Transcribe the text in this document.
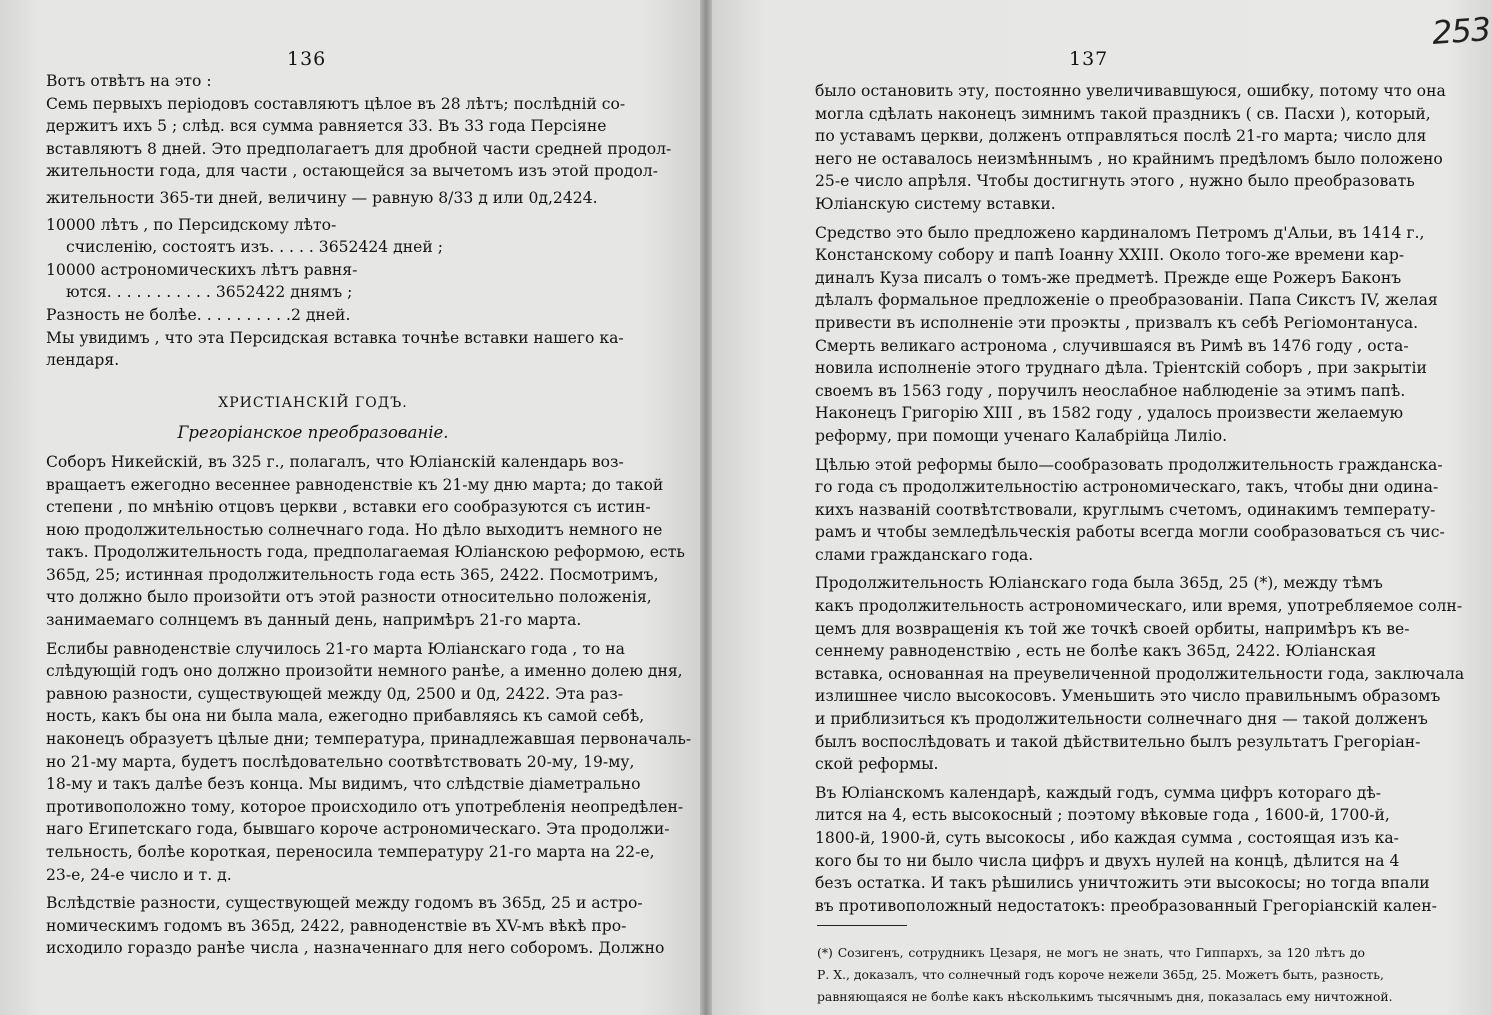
136
Вотъ отвѣтъ на это :
Семь первыхъ періодовъ составляютъ цѣлое въ 28 лѣтъ; послѣдній со-
держитъ ихъ 5 ; слѣд. вся сумма равняется 33. Въ 33 года Персіяне
вставляютъ 8 дней. Это предполагаетъ для дробной части средней продол-
жительности года, для части , остающейся за вычетомъ изъ этой продол-
жительности 365-ти дней, величину — равную 8/33 д или 0д,2424.
10000 лѣтъ , по Персидскому лѣто-
счисленію, состоятъ изъ. . . . . 3652424 дней ;
10000 астрономическихъ лѣтъ равня-
ются. . . . . . . . . . . 3652422 днямъ ;
Разность не болѣе. . . . . . . . . .2 дней.
Мы увидимъ , что эта Персидская вставка точнѣе вставки нашего ка-
лендаря.
ХРИСТІАНСКІЙ ГОДЪ.
Грегоріанское преобразованіе.
Соборъ Никейскій, въ 325 г., полагалъ, что Юліанскій календарь воз-
вращаетъ ежегодно весеннее равноденствіе къ 21-му дню марта; до такой
степени , по мнѣнію отцовъ церкви , вставки его сообразуются съ истин-
ною продолжительностью солнечнаго года. Но дѣло выходитъ немного не
такъ. Продолжительность года, предполагаемая Юліанскою реформою, есть
365д, 25; истинная продолжительность года есть 365, 2422. Посмотримъ,
что должно было произойти отъ этой разности относительно положенія,
занимаемаго солнцемъ въ данный день, напримѣръ 21-го марта.
Еслибы равноденствіе случилось 21-го марта Юліанскаго года , то на
слѣдующій годъ оно должно произойти немного ранѣе, а именно долею дня,
равною разности, существующей между 0д, 2500 и 0д, 2422. Эта раз-
ность, какъ бы она ни была мала, ежегодно прибавляясь къ самой себѣ,
наконецъ образуетъ цѣлые дни; температура, принадлежавшая первоначаль-
но 21-му марта, будетъ послѣдовательно соотвѣтствовать 20-му, 19-му,
18-му и такъ далѣе безъ конца. Мы видимъ, что слѣдствіе діаметрально
противоположно тому, которое происходило отъ употребленія неопредѣлен-
наго Египетскаго года, бывшаго короче астрономическаго. Эта продолжи-
тельность, болѣе короткая, переносила температуру 21-го марта на 22-е,
23-е, 24-е число и т. д.
Вслѣдствіе разности, существующей между годомъ въ 365д, 25 и астро-
номическимъ годомъ въ 365д, 2422, равноденствіе въ XV-мъ вѣкѣ про-
исходило гораздо ранѣе числа , назначеннаго для него соборомъ. Должно
137
253
было остановить эту, постоянно увеличивавшуюся, ошибку, потому что она
могла сдѣлать наконецъ зимнимъ такой праздникъ ( св. Пасхи ), который,
по уставамъ церкви, долженъ отправляться послѣ 21-го марта; число для
него не оставалось неизмѣннымъ , но крайнимъ предѣломъ было положено
25-е число апрѣля. Чтобы достигнуть этого , нужно было преобразовать
Юліанскую систему вставки.
Средство это было предложено кардиналомъ Петромъ д'Альи, въ 1414 г.,
Констанскому собору и папѣ Іоанну XXIII. Около того-же времени кар-
диналъ Куза писалъ о томъ-же предметѣ. Прежде еще Рожеръ Баконъ
дѣлалъ формальное предложеніе о преобразованіи. Папа Сикстъ IV, желая
привести въ исполненіе эти проэкты , призвалъ къ себѣ Регіомонтануса.
Смерть великаго астронома , случившаяся въ Римѣ въ 1476 году , оста-
новила исполненіе этого труднаго дѣла. Тріентскій соборъ , при закрытіи
своемъ въ 1563 году , поручилъ неослабное наблюденіе за этимъ папѣ.
Наконецъ Григорію XIII , въ 1582 году , удалось произвести желаемую
реформу, при помощи ученаго Калабрійца Лиліо.
Цѣлью этой реформы было—сообразовать продолжительность гражданска-
го года съ продолжительностію астрономическаго, такъ, чтобы дни одина-
кихъ названій соотвѣтствовали, круглымъ счетомъ, одинакимъ температу-
рамъ и чтобы земледѣльческія работы всегда могли сообразоваться съ чис-
слами гражданскаго года.
Продолжительность Юліанскаго года была 365д, 25 (*), между тѣмъ
какъ продолжительность астрономическаго, или время, употребляемое солн-
цемъ для возвращенія къ той же точкѣ своей орбиты, напримѣръ къ ве-
сеннему равноденствію , есть не болѣе какъ 365д, 2422. Юліанская
вставка, основанная на преувеличенной продолжительности года, заключала
излишнее число высокосовъ. Уменьшить это число правильнымъ образомъ
и приблизиться къ продолжительности солнечнаго дня — такой долженъ
былъ воспослѣдовать и такой дѣйствительно былъ результатъ Грегоріан-
ской реформы.
Въ Юліанскомъ календарѣ, каждый годъ, сумма цифръ котораго дѣ-
лится на 4, есть высокосный ; поэтому вѣковые года , 1600-й, 1700-й,
1800-й, 1900-й, суть высокосы , ибо каждая сумма , состоящая изъ ка-
кого бы то ни было числа цифръ и двухъ нулей на концѣ, дѣлится на 4
безъ остатка. И такъ рѣшились уничтожить эти высокосы; но тогда впали
въ противоположный недостатокъ: преобразованный Грегоріанскій кален-
(*) Созигенъ, сотрудникъ Цезаря, не могъ не знать, что Гиппархъ, за 120 лѣтъ до
Р. Х., доказалъ, что солнечный годъ короче нежели 365д, 25. Можетъ быть, разность,
равняющаяся не болѣе какъ нѣсколькимъ тысячнымъ дня, показалась ему ничтожной.
